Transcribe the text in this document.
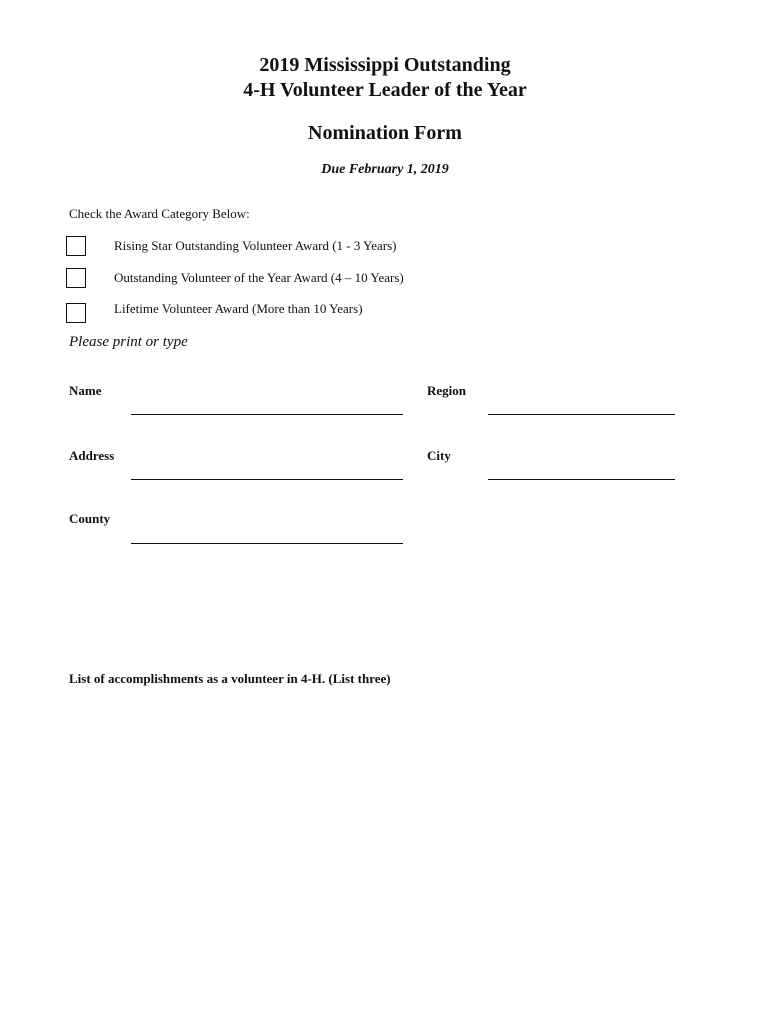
2019 Mississippi Outstanding
4-H Volunteer Leader of the Year
Nomination Form
Due February 1, 2019
Check the Award Category Below:
Rising Star Outstanding Volunteer Award (1 - 3 Years)
Outstanding Volunteer of the Year Award (4 – 10 Years)
Lifetime Volunteer Award (More than 10 Years)
Please print or type
Name	Region
Address	City
County
List of accomplishments as a volunteer in 4-H. (List three)
